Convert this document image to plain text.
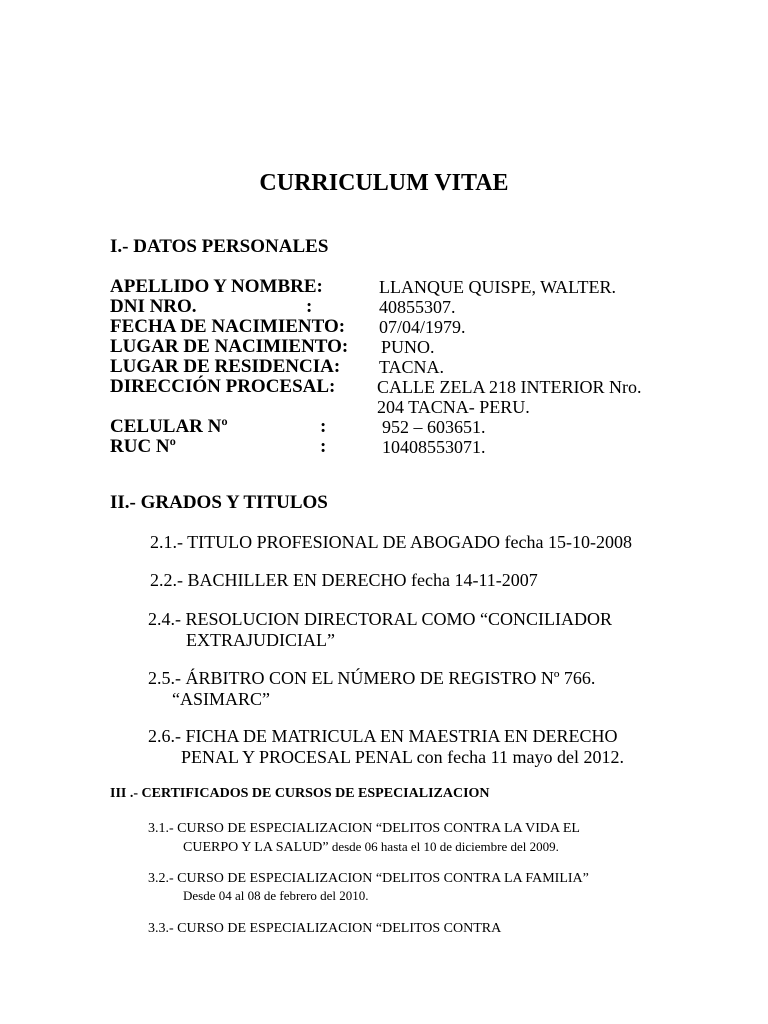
CURRICULUM VITAE
I.- DATOS PERSONALES
APELLIDO Y NOMBRE:	LLANQUE QUISPE, WALTER.
DNI NRO.	:	40855307.
FECHA DE NACIMIENTO: 07/04/1979.
LUGAR DE NACIMIENTO: PUNO.
LUGAR DE RESIDENCIA: TACNA.
DIRECCIÓN PROCESAL: CALLE ZELA 218 INTERIOR Nro.
204 TACNA- PERU.
CELULAR Nº	:	952 – 603651.
RUC Nº	:	10408553071.
II.- GRADOS Y TITULOS
2.1.- TITULO PROFESIONAL DE ABOGADO fecha 15-10-2008
2.2.- BACHILLER EN DERECHO fecha 14-11-2007
2.4.- RESOLUCION DIRECTORAL COMO “CONCILIADOR
EXTRAJUDICIAL”
2.5.- ÁRBITRO CON EL NÚMERO DE REGISTRO Nº 766.
“ASIMARC”
2.6.- FICHA DE MATRICULA EN MAESTRIA EN DERECHO
PENAL Y PROCESAL PENAL con fecha 11 mayo del 2012.
III .- CERTIFICADOS DE CURSOS DE ESPECIALIZACION
3.1.- CURSO DE ESPECIALIZACION “DELITOS CONTRA LA VIDA EL
CUERPO Y LA SALUD” desde 06 hasta el 10 de diciembre del 2009.
3.2.- CURSO DE ESPECIALIZACION “DELITOS CONTRA LA FAMILIA”
Desde 04 al 08 de febrero del 2010.
3.3.- CURSO DE ESPECIALIZACION “DELITOS CONTRA
